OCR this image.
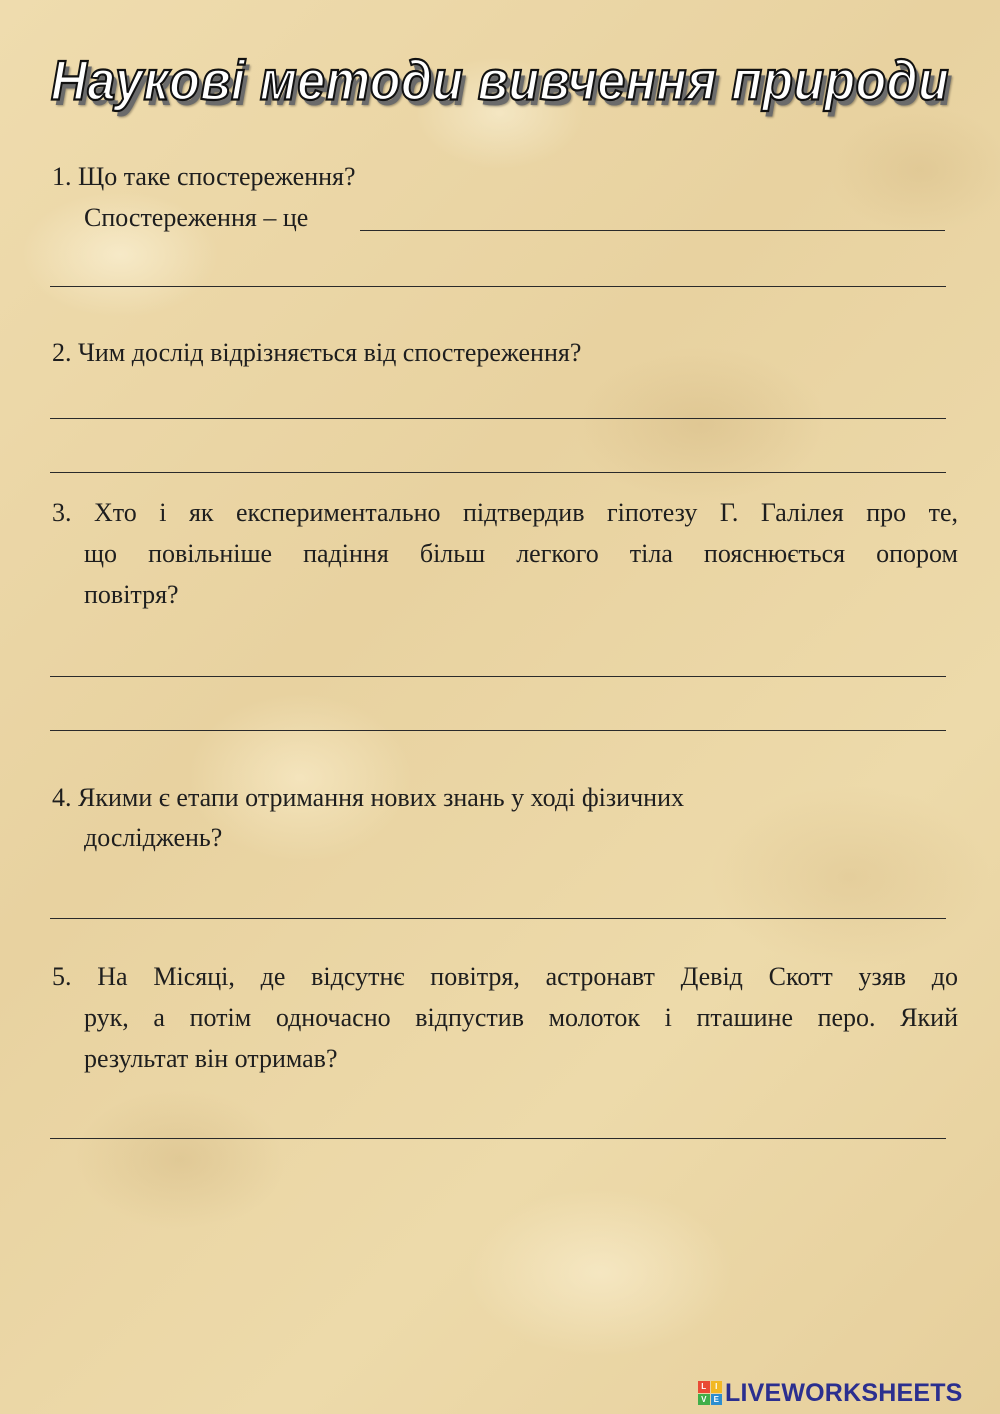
Наукові методи вивчення природи
1. Що таке спостереження?
Спостереження – це
2. Чим дослід відрізняється від спостереження?
3. Хто і як експериментально підтвердив гіпотезу Г. Галілея про те,
що повільніше падіння більш легкого тіла пояснюється опором
повітря?
4. Якими є етапи отримання нових знань у ході фізичних
досліджень?
5. На Місяці, де відсутнє повітря, астронавт Девід Скотт узяв до
рук, а потім одночасно відпустив молоток і пташине перо. Який
результат він отримав?
L	I
V E LIVEWORKSHEETS
